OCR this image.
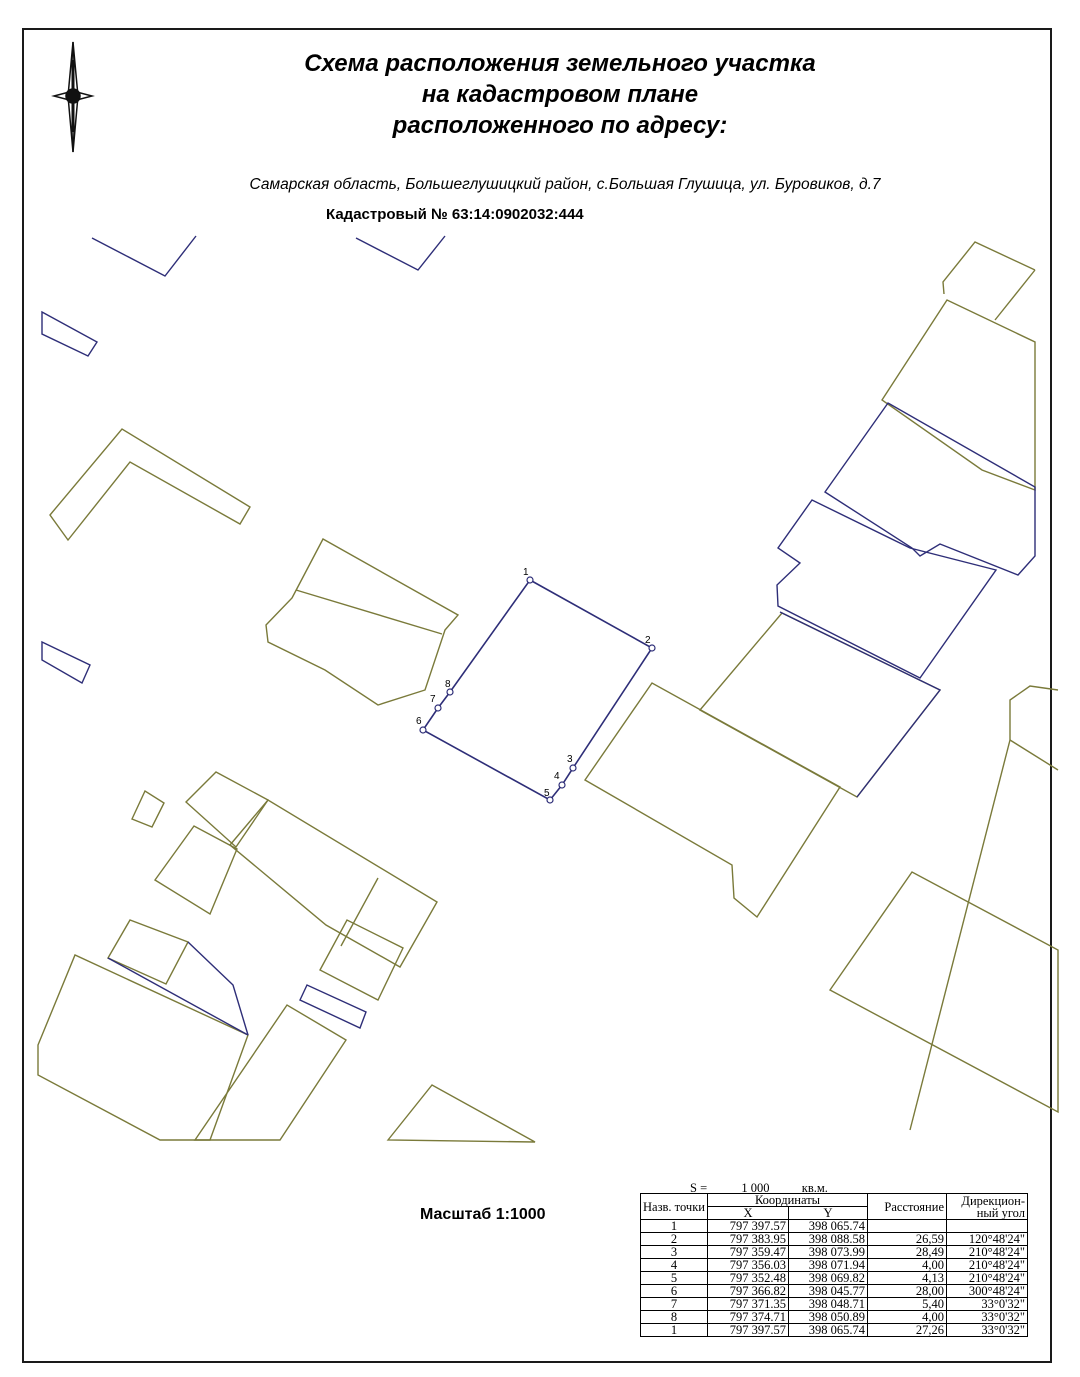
1
2
3
4
5
6
7
8
Схема расположения земельного участка
на кадастровом плане
расположенного по адресу:
Самарская область, Большеглушицкий район, с.Большая Глушица, ул. Буровиков, д.7
Кадастровый № 63:14:0902032:444
Масштаб 1:1000
S =	1 000	кв.м.
Назв. точки	Координаты		Расстояние	Дирекцион- ный угол
	X	Y		
1	797 397.57	398 065.74		
2	797 383.95	398 088.58	26,59	120°48'24"
3	797 359.47	398 073.99	28,49	210°48'24"
4	797 356.03	398 071.94	4,00	210°48'24"
5	797 352.48	398 069.82	4,13	210°48'24"
6	797 366.82	398 045.77	28,00	300°48'24"
7	797 371.35	398 048.71	5,40	33°0'32"
8	797 374.71	398 050.89	4,00	33°0'32"
1	797 397.57	398 065.74	27,26	33°0'32"
